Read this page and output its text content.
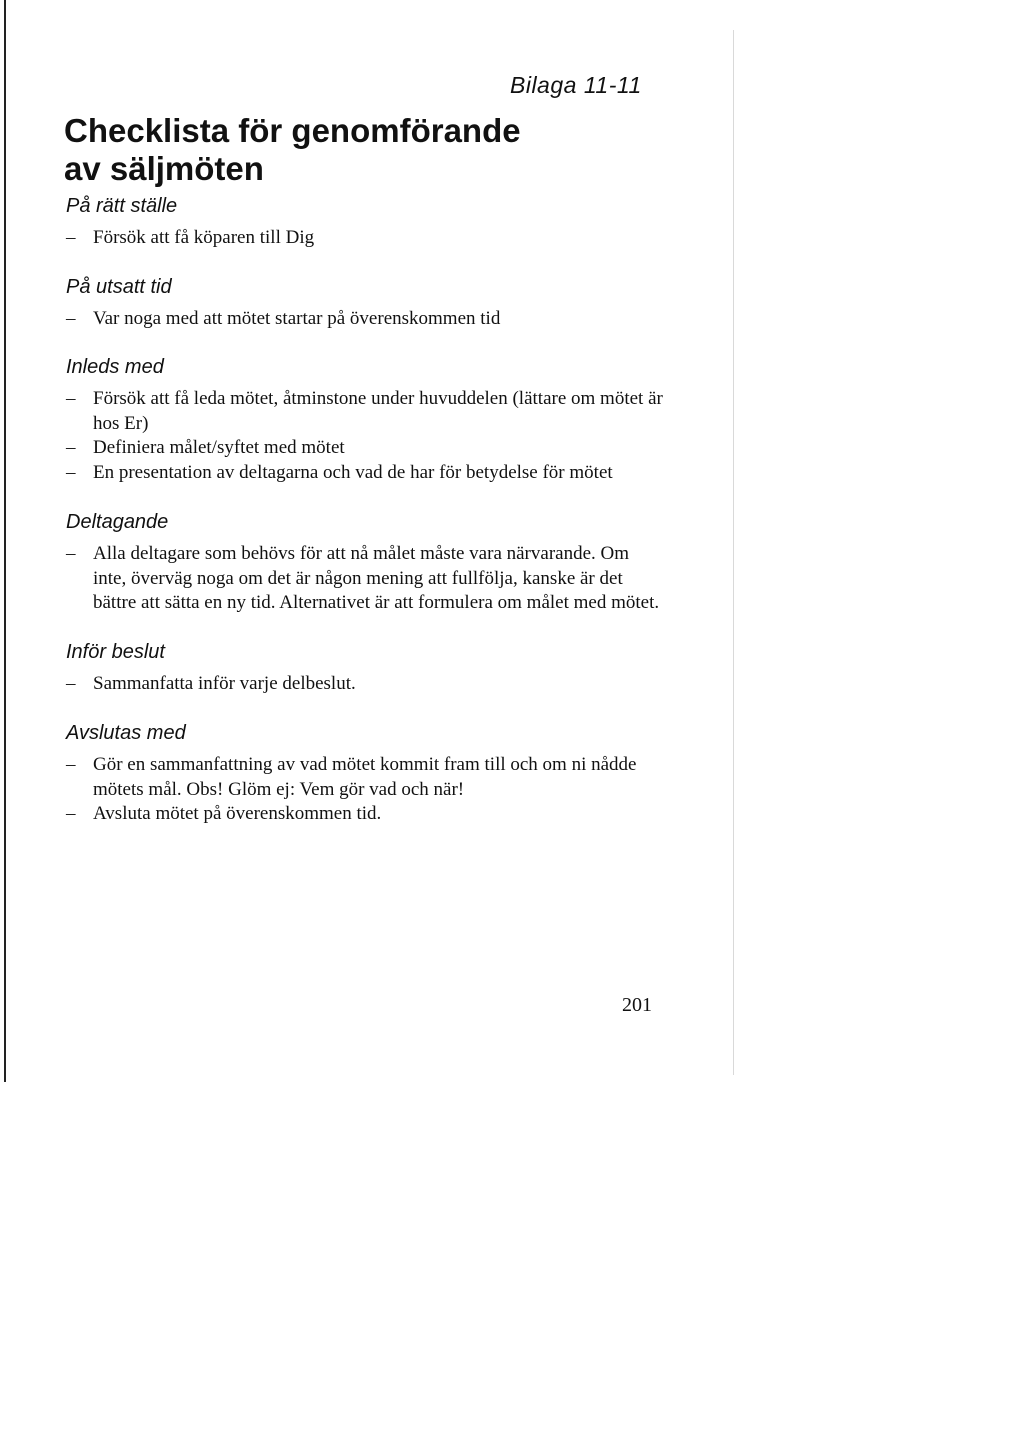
Bilaga 11-11
Checklista för genomförande av säljmöten
På rätt ställe
– Försök att få köparen till Dig
På utsatt tid
– Var noga med att mötet startar på överenskommen tid
Inleds med
– Försök att få leda mötet, åtminstone under huvuddelen (lättare om mötet är hos Er)
– Definiera målet/syftet med mötet
– En presentation av deltagarna och vad de har för betydelse för mötet
Deltagande
– Alla deltagare som behövs för att nå målet måste vara närvarande. Om inte, överväg noga om det är någon mening att fullfölja, kanske är det bättre att sätta en ny tid. Alternativet är att formulera om målet med mötet.
Inför beslut
– Sammanfatta inför varje delbeslut.
Avslutas med
– Gör en sammanfattning av vad mötet kommit fram till och om ni nådde mötets mål. Obs! Glöm ej: Vem gör vad och när!
– Avsluta mötet på överenskommen tid.
201
